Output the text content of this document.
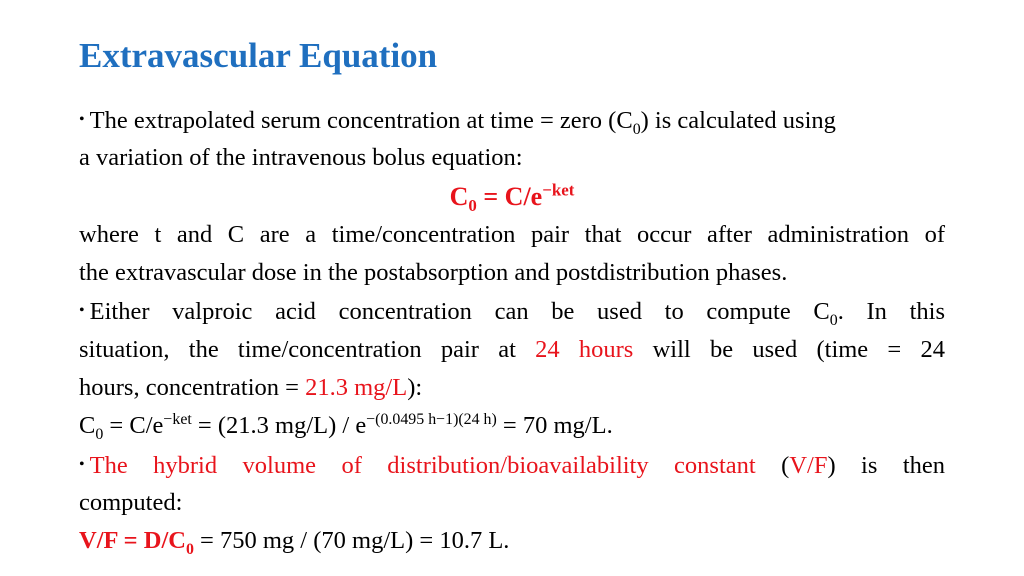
Extravascular Equation
• The extrapolated serum concentration at time = zero $(C_0)$ is calculated using
a variation of the intravenous bolus equation:
$C_0 = C/e^{-ket}$
where t and C are a time/concentration pair that occur after administration of
the extravascular dose in the postabsorption and postdistribution phases.
• Either valproic acid concentration can be used to compute $C_0$. In this
situation, the time/concentration pair at 24 hours will be used (time = 24
hours, concentration = 21.3 mg/L):
$C_0 = C/e^{-ket} = (21.3$ $mg/L) / e^{-(0.0495 h-1)(24 h)} = 70$ mg/L.
• The hybrid volume of distribution/bioavailability constant (V/F) is then
computed:
$V/F = D/C_0 = 750$ mg / (70 mg/L) = 10.7 L.
